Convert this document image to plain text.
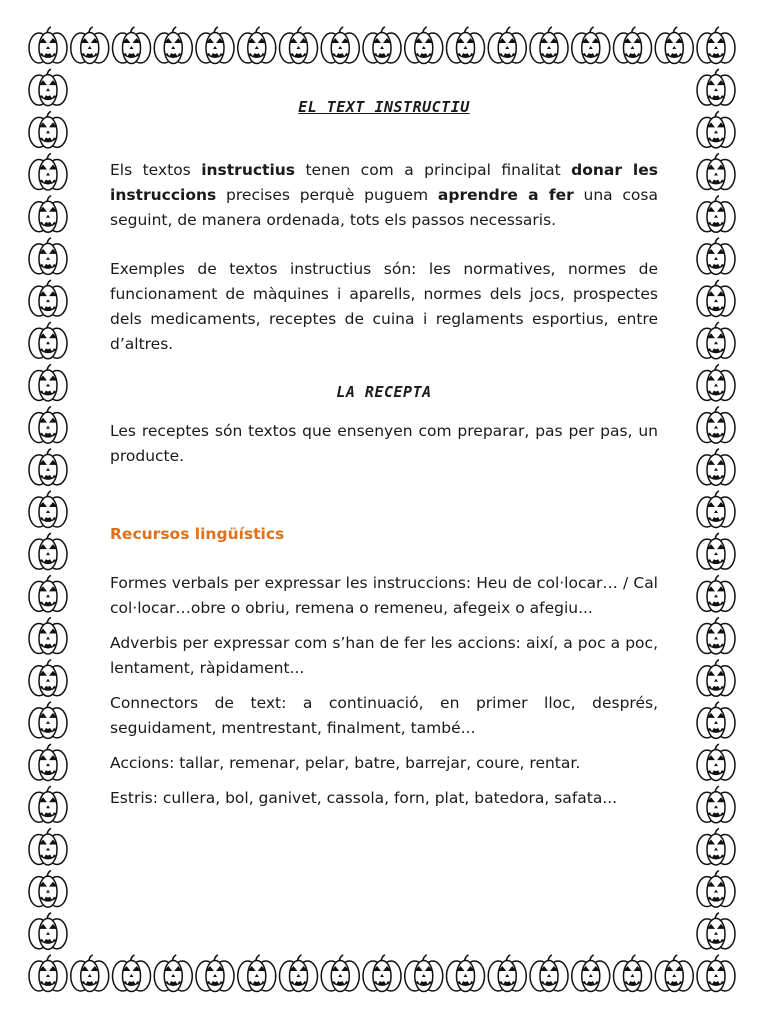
EL TEXT INSTRUCTIU

Els textos instructius tenen com a principal finalitat donar les instruccions precises perquè puguem aprendre a fer una cosa seguint, de manera ordenada, tots els passos necessaris.

Exemples de textos instructius són: les normatives, normes de funcionament de màquines i aparells, normes dels jocs, prospectes dels medicaments, receptes de cuina i reglaments esportius, entre d’altres.

LA RECEPTA

Les receptes són textos que ensenyen com preparar, pas per pas, un producte.

Recursos lingüístics

Formes verbals per expressar les instruccions: Heu de col·locar… / Cal col·locar…obre o obriu, remena o remeneu, afegeix o afegiu...

Adverbis per expressar com s’han de fer les accions: així, a poc a poc, lentament, ràpidament...

Connectors de text: a continuació, en primer lloc, després, seguidament, mentrestant, finalment, també...

Accions: tallar, remenar, pelar, batre, barrejar, coure, rentar.

Estris: cullera, bol, ganivet, cassola, forn, plat, batedora, safata...
